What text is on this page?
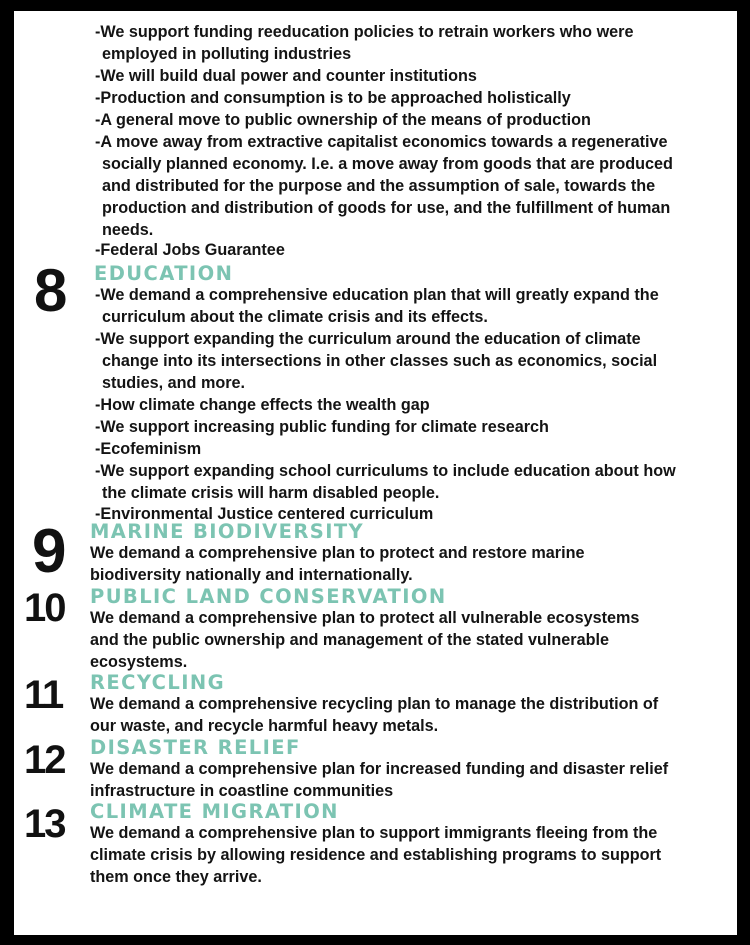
-We support funding reeducation policies to retrain workers who were
employed in polluting industries
-We will build dual power and counter institutions
-Production and consumption is to be approached holistically
-A general move to public ownership of the means of production
-A move away from extractive capitalist economics towards a regenerative
socially planned economy. I.e. a move away from goods that are produced
and distributed for the purpose and the assumption of sale, towards the
production and distribution of goods for use, and the fulfillment of human
needs.
-Federal Jobs Guarantee
8 EDUCATION
-We demand a comprehensive education plan that will greatly expand the
curriculum about the climate crisis and its effects.
-We support expanding the curriculum around the education of climate
change into its intersections in other classes such as economics, social
studies, and more.
-How climate change effects the wealth gap
-We support increasing public funding for climate research
-Ecofeminism
-We support expanding school curriculums to include education about how
the climate crisis will harm disabled people.
-Environmental Justice centered curriculum
9 MARINE BIODIVERSITY
We demand a comprehensive plan to protect and restore marine
biodiversity nationally and internationally.
10 PUBLIC LAND CONSERVATION
We demand a comprehensive plan to protect all vulnerable ecosystems
and the public ownership and management of the stated vulnerable
ecosystems.
11 RECYCLING
We demand a comprehensive recycling plan to manage the distribution of
our waste, and recycle harmful heavy metals.
12 DISASTER RELIEF
We demand a comprehensive plan for increased funding and disaster relief
infrastructure in coastline communities
13 CLIMATE MIGRATION
We demand a comprehensive plan to support immigrants fleeing from the
climate crisis by allowing residence and establishing programs to support
them once they arrive.
